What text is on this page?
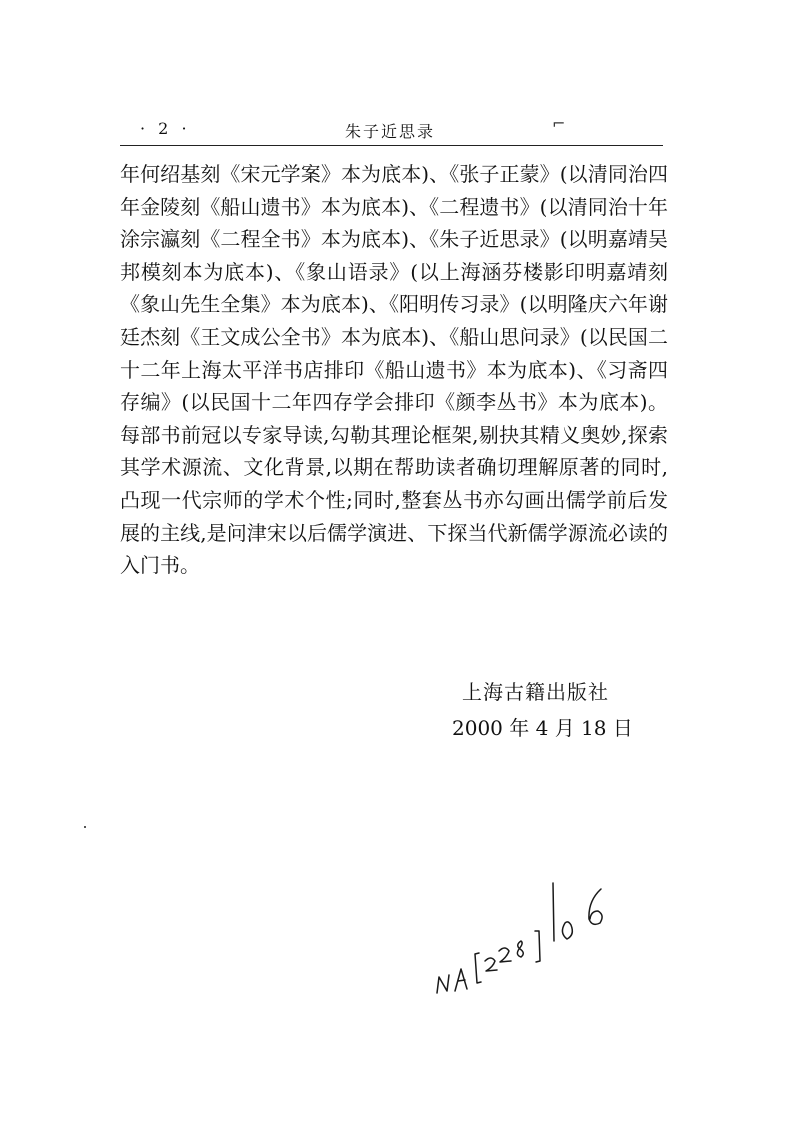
· 2 ·	朱子近思录	⌐

年何绍基刻《宋元学案》本为底本)、《张子正蒙》(以清同治四年金陵刻《船山遗书》本为底本)、《二程遗书》(以清同治十年涂宗瀛刻《二程全书》本为底本)、《朱子近思录》(以明嘉靖吴邦模刻本为底本)、《象山语录》(以上海涵芬楼影印明嘉靖刻《象山先生全集》本为底本)、《阳明传习录》(以明隆庆六年谢廷杰刻《王文成公全书》本为底本)、《船山思问录》(以民国二十二年上海太平洋书店排印《船山遗书》本为底本)、《习斋四存编》(以民国十二年四存学会排印《颜李丛书》本为底本)。每部书前冠以专家导读,勾勒其理论框架,剔抉其精义奥妙,探索其学术源流、文化背景,以期在帮助读者确切理解原著的同时,凸现一代宗师的学术个性;同时,整套丛书亦勾画出儒学前后发展的主线,是问津宋以后儒学演进、下探当代新儒学源流必读的入门书。

上海古籍出版社
2000 年 4 月 18 日
